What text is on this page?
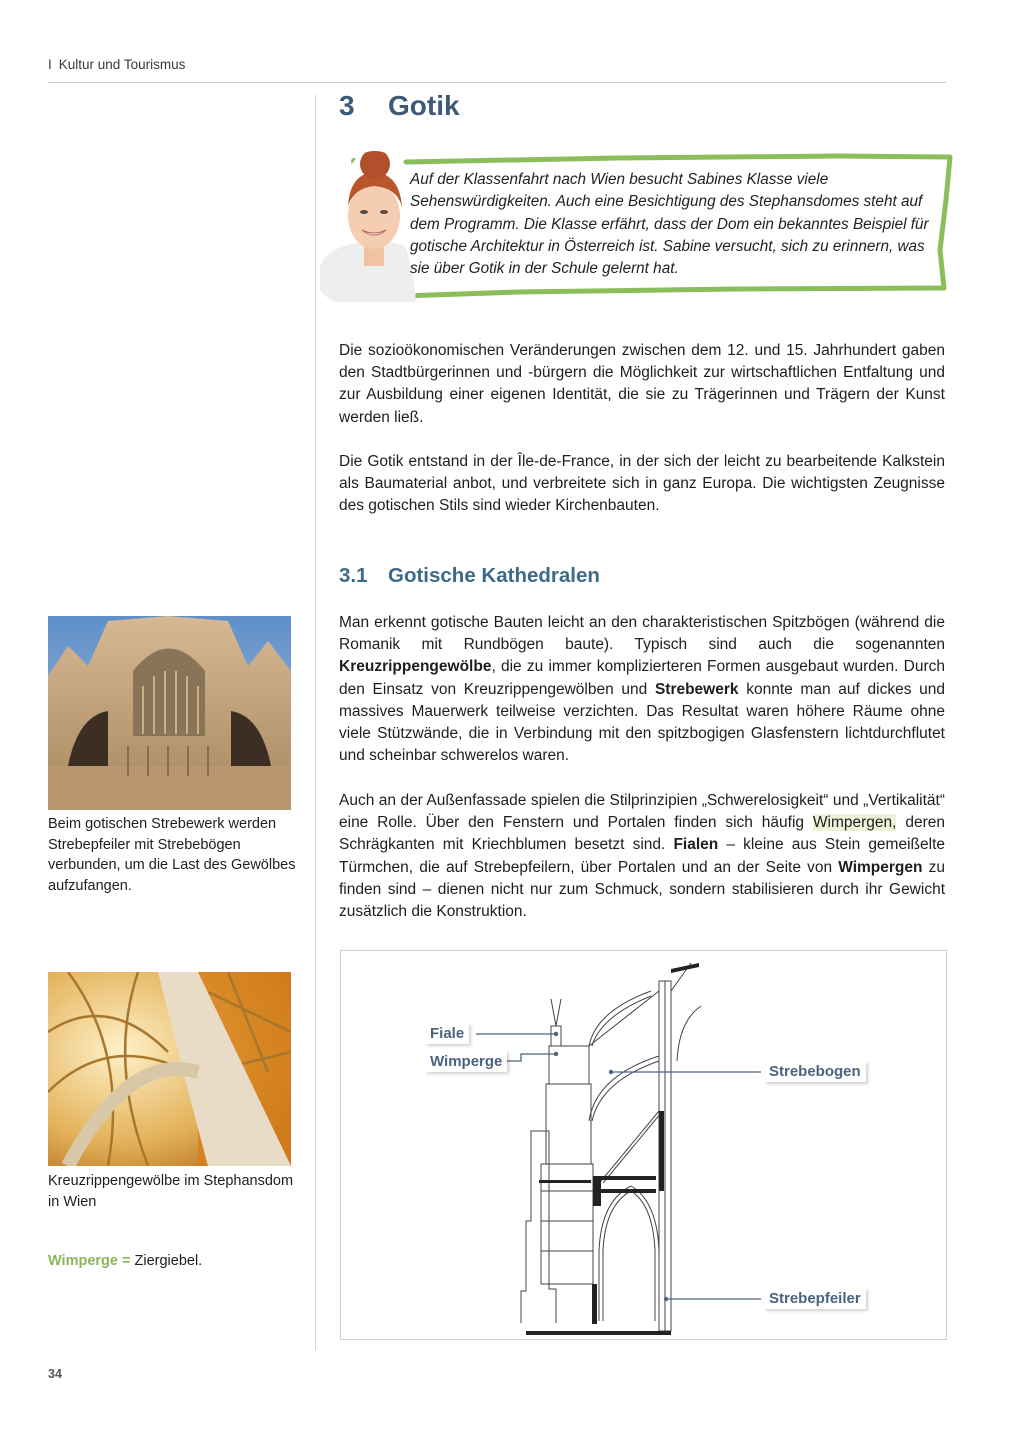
I Kultur und Tourismus
3 Gotik
Auf der Klassenfahrt nach Wien besucht Sabines Klasse viele Sehenswürdigkeiten. Auch eine Besichtigung des Stephansdomes steht auf dem Programm. Die Klasse erfährt, dass der Dom ein bekanntes Beispiel für gotische Architektur in Österreich ist. Sabine versucht, sich zu erinnern, was sie über Gotik in der Schule gelernt hat.
Die sozioökonomischen Veränderungen zwischen dem 12. und 15. Jahrhundert gaben den Stadtbürgerinnen und -bürgern die Möglichkeit zur wirtschaftlichen Entfaltung und zur Ausbildung einer eigenen Identität, die sie zu Trägerinnen und Trägern der Kunst werden ließ.
Die Gotik entstand in der Île-de-France, in der sich der leicht zu bearbeitende Kalkstein als Baumaterial anbot, und verbreitete sich in ganz Europa. Die wichtigsten Zeugnisse des gotischen Stils sind wieder Kirchenbauten.
3.1 Gotische Kathedralen
Man erkennt gotische Bauten leicht an den charakteristischen Spitzbögen (während die Romanik mit Rundbögen baute). Typisch sind auch die sogenannten Kreuzrippengewölbe, die zu immer komplizierteren Formen ausgebaut wurden. Durch den Einsatz von Kreuzrippengewölben und Strebewerk konnte man auf dickes und massives Mauerwerk teilweise verzichten. Das Resultat waren höhere Räume ohne viele Stützwände, die in Verbindung mit den spitzbogigen Glasfenstern lichtdurchflutet und scheinbar schwerelos waren.
Auch an der Außenfassade spielen die Stilprinzipien „Schwerelosigkeit“ und „Vertikalität“ eine Rolle. Über den Fenstern und Portalen finden sich häufig Wimpergen, deren Schrägkanten mit Kriechblumen besetzt sind. Fialen – kleine aus Stein gemeißelte Türmchen, die auf Strebepfeilern, über Portalen und an der Seite von Wimpergen zu finden sind – dienen nicht nur zum Schmuck, sondern stabilisieren durch ihr Gewicht zusätzlich die Konstruktion.
Beim gotischen Strebewerk werden Strebepfeiler mit Strebebögen verbunden, um die Last des Gewölbes aufzufangen.
Kreuzrippengewölbe im Stephansdom in Wien
Wimperge = Ziergiebel.
Fiale
Wimperge
Strebebogen
Strebepfeiler
34
